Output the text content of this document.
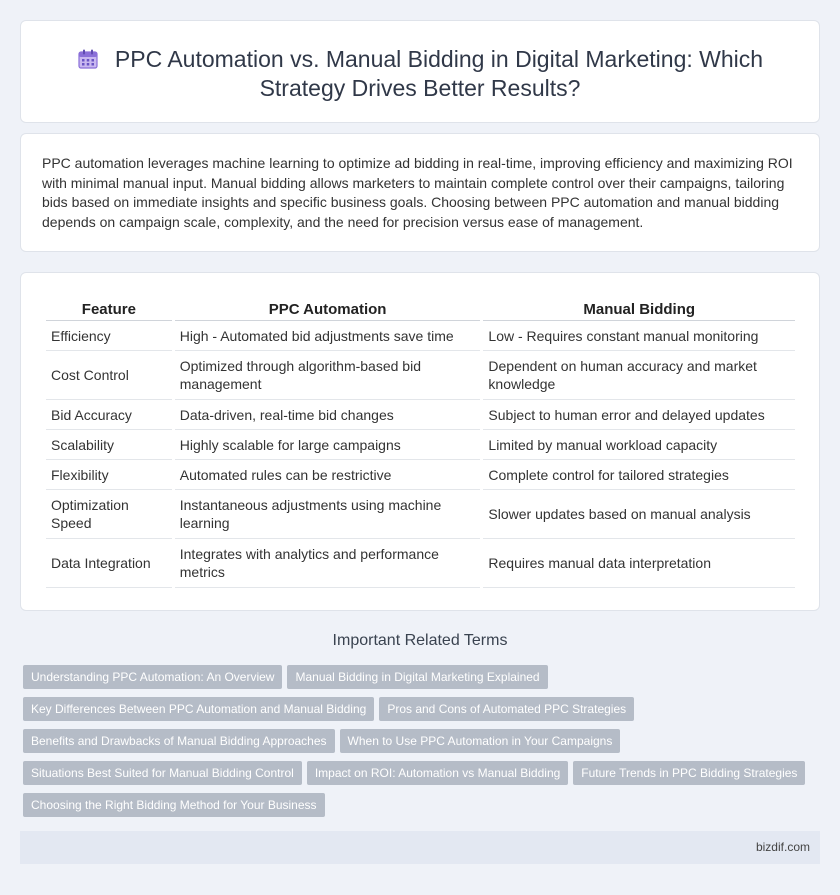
PPC Automation vs. Manual Bidding in Digital Marketing: Which Strategy Drives Better Results?

PPC automation leverages machine learning to optimize ad bidding in real-time, improving efficiency and maximizing ROI with minimal manual input. Manual bidding allows marketers to maintain complete control over their campaigns, tailoring bids based on immediate insights and specific business goals. Choosing between PPC automation and manual bidding depends on campaign scale, complexity, and the need for precision versus ease of management.

Feature	PPC Automation	Manual Bidding
Efficiency	High - Automated bid adjustments save time	Low - Requires constant manual monitoring
Cost Control	Optimized through algorithm-based bid management	Dependent on human accuracy and market knowledge
Bid Accuracy	Data-driven, real-time bid changes	Subject to human error and delayed updates
Scalability	Highly scalable for large campaigns	Limited by manual workload capacity
Flexibility	Automated rules can be restrictive	Complete control for tailored strategies
Optimization Speed	Instantaneous adjustments using machine learning	Slower updates based on manual analysis
Data Integration	Integrates with analytics and performance metrics	Requires manual data interpretation
Important Related Terms
Understanding PPC Automation: An Overview Manual Bidding in Digital Marketing Explained
Key Differences Between PPC Automation and Manual Bidding Pros and Cons of Automated PPC Strategies
Benefits and Drawbacks of Manual Bidding Approaches When to Use PPC Automation in Your Campaigns
Situations Best Suited for Manual Bidding Control Impact on ROI: Automation vs Manual Bidding Future Trends in PPC Bidding Strategies
Choosing the Right Bidding Method for Your Business
bizdif.com
